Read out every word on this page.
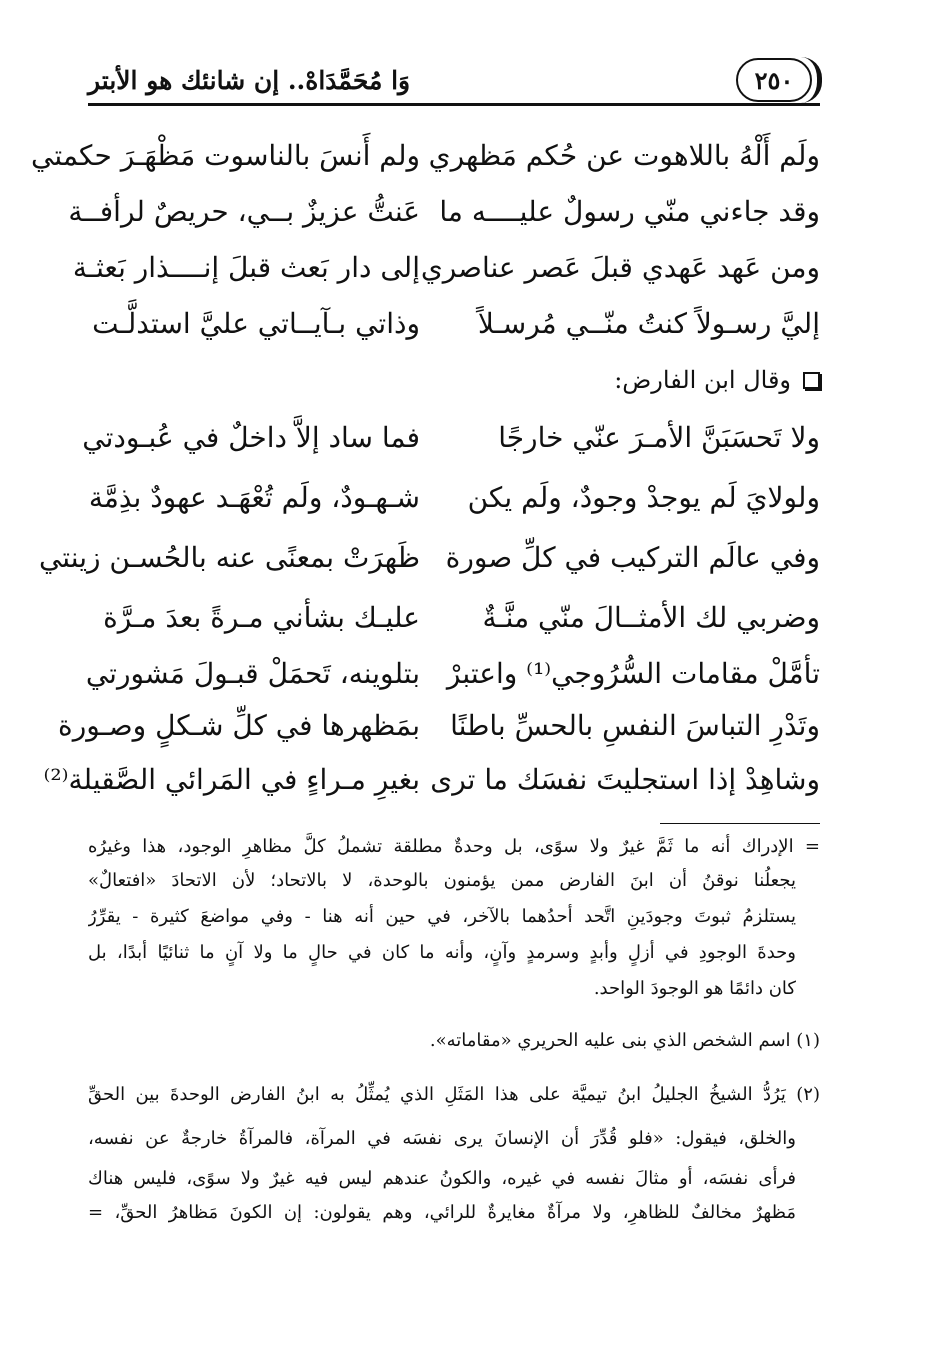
وَا مُحَمَّدَاهْ.. إن شانئك هو الأبتر	٢٥٠
ولَم أَلْهُ باللاهوت عن حُكم مَظهري
ولم أَنسَ بالناسوت مَظْهَـرَ حكمتي
وقد جاءني منّي رسولٌ عليــــه ما
عَنتُّ عزيزٌ بــي، حريصٌ لرأفــة
ومن عَهد عَهدي قبلَ عَصر عناصري
إلى دار بَعث قبلَ إنــــذار بَعثـة
إليَّ رسـولاً كنتُ منّــي مُرسـلاً
وذاتي بـآيــاتي عليَّ استدلَّـت
وقال ابن الفارض:
ولا تَحسَبَنَّ الأمـرَ عنّي خارجًا
فما ساد إلاَّ داخلٌ في عُبـودتي
ولولايَ لَم يوجدْ وجودٌ، ولَم يكن
شـهـودٌ، ولَم تُعْهَـد عهودٌ بذِمَّة
وفي عالَم التركيب في كلِّ صورة
ظَهرَتْ بمعنًى عنه بالحُسـن زينتي
وضربي لك الأمثــالَ منّي منَّـةٌ
عليـك بشأني مـرةً بعدَ مـرَّة
تأمَّلْ مقامات السُّرُوجي⁽¹⁾ واعتبرْ
بتلوينه، تَحمَلْ قبـولَ مَشورتي
وتَدْرِ التباسَ النفسِ بالحسِّ باطنًا
بمَظهرها في كلِّ شـكلٍ وصـورة
وشاهِدْ إذا استجليتَ نفسَك ما ترى
بغيرِ مـراءٍ في المَرائي الصَّقيلة⁽²⁾
= الإدراك أنه ما ثَمَّ غيرٌ ولا سوًى، بل وحدةٌ مطلقة تشملُ كلَّ مظاهرِ الوجود، هذا وغيرُه
يجعلُنا نوقنُ أن ابنَ الفارض ممن يؤمنون بالوحدة، لا بالاتحاد؛ لأن الاتحادَ «افتعالٌ»
يستلزمُ ثبوتَ وجودَينِ اتَّحد أحدُهما بالآخر، في حين أنه هنا - وفي مواضعَ كثيرة - يقرِّرُ
وحدةَ الوجودِ في أزلٍ وأبدٍ وسرمدٍ وآنٍ، وأنه ما كان في حالٍ ما ولا آنٍ ما ثنائيًا أبدًا، بل
كان دائمًا هو الوجودَ الواحد.
(١) اسم الشخص الذي بنى عليه الحريري «مقاماته».
(٢) يَرُدُّ الشيخُ الجليلُ ابنُ تيميَّة على هذا المَثَلِ الذي يُمثِّلُ به ابنُ الفارض الوحدةَ بين الحقِّ
والخلق، فيقول: «فلو قُدِّرَ أن الإنسانَ يرى نفسَه في المرآة، فالمرآةُ خارجةٌ عن نفسه،
فرأى نفسَه، أو مثالَ نفسه في غيره، والكونُ عندهم ليس فيه غيرٌ ولا سوًى، فليس هناك
مَظهرٌ مخالفٌ للظاهرِ، ولا مرآةٌ مغايرةٌ للرائي، وهم يقولون: إن الكونَ مَظاهرُ الحقِّ، =
